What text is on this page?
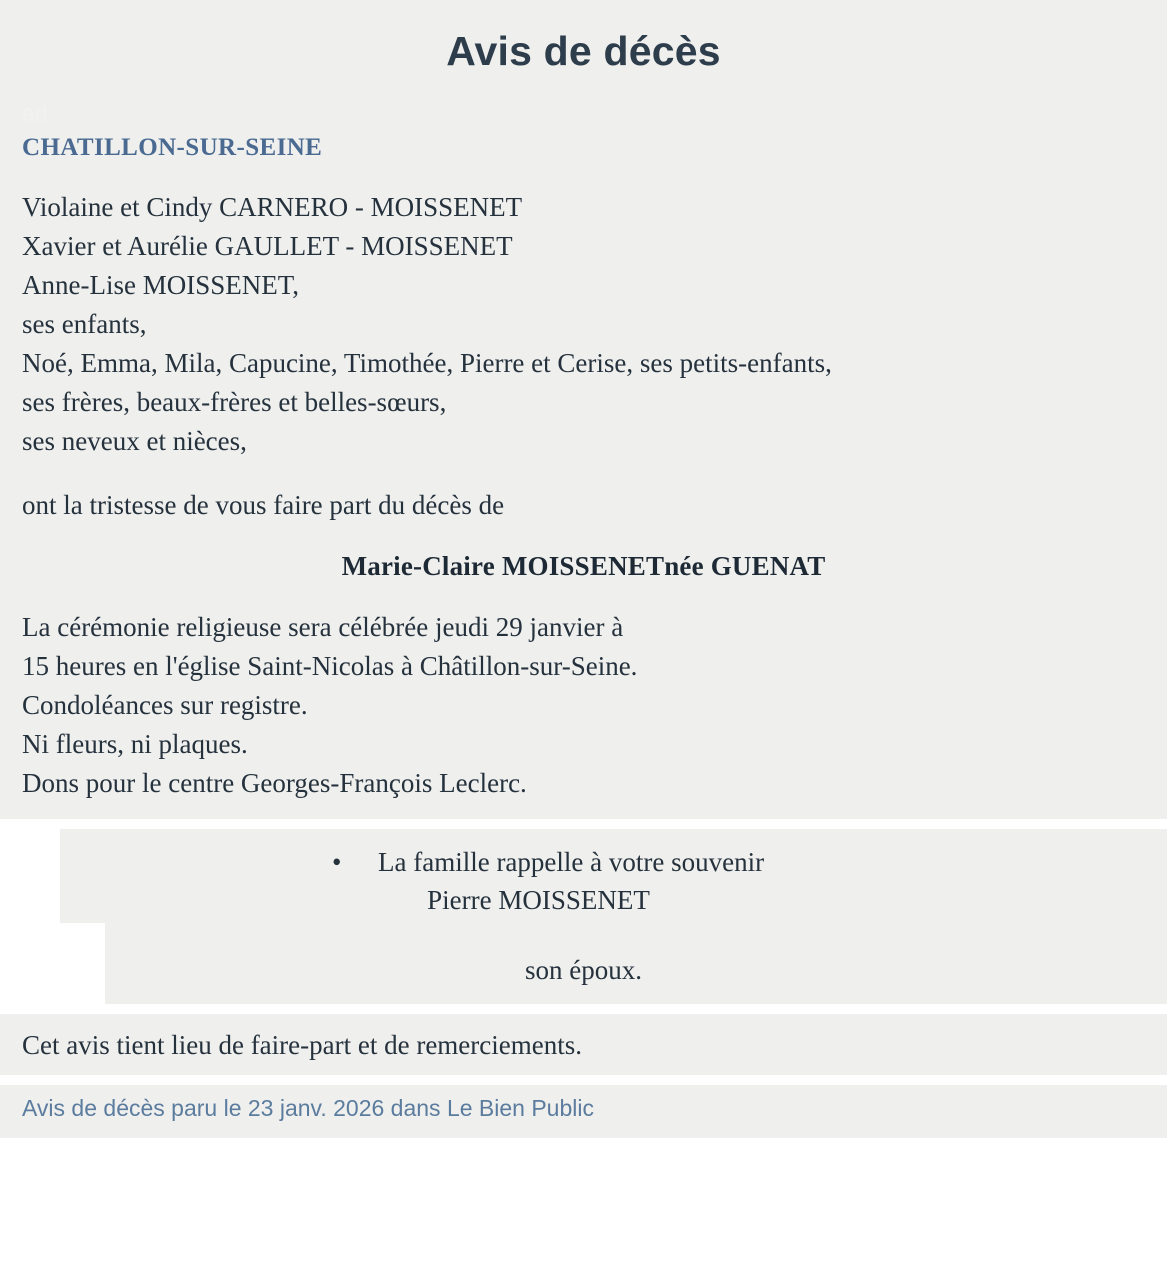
Avis de décès
ad
CHATILLON-SUR-SEINE
Violaine et Cindy CARNERO - MOISSENET
Xavier et Aurélie GAULLET - MOISSENET
Anne-Lise MOISSENET,
ses enfants,
Noé, Emma, Mila, Capucine, Timothée, Pierre et Cerise, ses petits-enfants,
ses frères, beaux-frères et belles-sœurs,
ses neveux et nièces,
ont la tristesse de vous faire part du décès de
Marie-Claire MOISSENETnée GUENAT
La cérémonie religieuse sera célébrée jeudi 29 janvier à
15 heures en l'église Saint-Nicolas à Châtillon-sur-Seine.
Condoléances sur registre.
Ni fleurs, ni plaques.
Dons pour le centre Georges-François Leclerc.
• La famille rappelle à votre souvenir
Pierre MOISSENET
son époux.
Cet avis tient lieu de faire-part et de remerciements.
Avis de décès paru le 23 janv. 2026 dans Le Bien Public
